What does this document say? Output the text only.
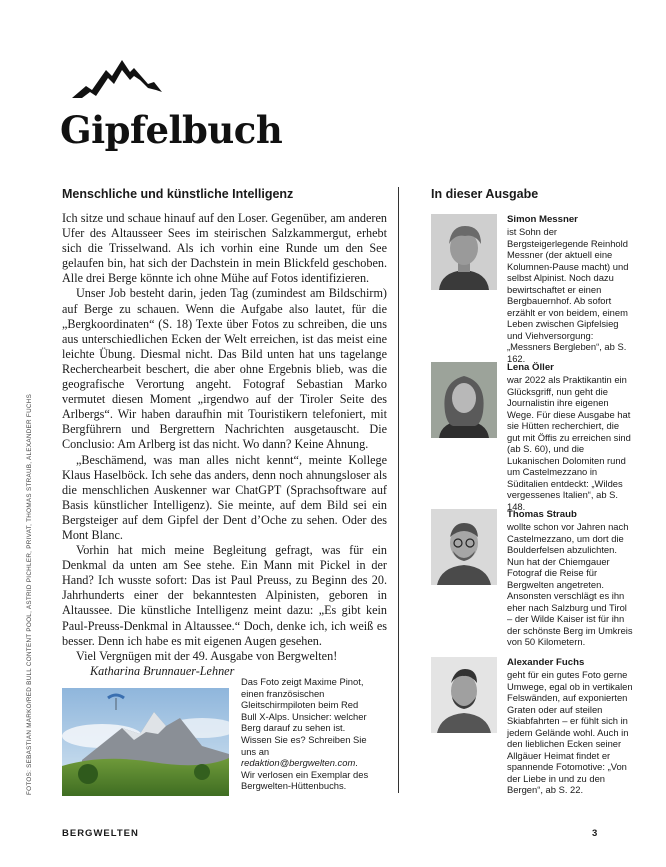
Gipfelbuch
Menschliche und künstliche Intelligenz

Ich sitze und schaue hinauf auf den Loser. Gegenüber, am anderen Ufer des Altausseer Sees im steirischen Salzkammergut, erhebt sich die Trisselwand. Als ich vorhin eine Runde um den See gelaufen bin, hat sich der Dachstein in mein Blickfeld geschoben. Alle drei Berge könnte ich ohne Mühe auf Fotos identifizieren.

Unser Job besteht darin, jeden Tag (zumindest am Bildschirm) auf Berge zu schauen. Wenn die Aufgabe also lautet, für die „Bergkoordinaten“ (S. 18) Texte über Fotos zu schreiben, die uns aus unterschiedlichen Ecken der Welt erreichen, ist das meist eine leichte Übung. Diesmal nicht. Das Bild unten hat uns tagelange Recherchearbeit beschert, die aber ohne Ergebnis blieb, was die geografische Verortung angeht. Fotograf Sebastian Marko vermutet diesen Moment „irgendwo auf der Tiroler Seite des Arlbergs“. Wir haben daraufhin mit Touristikern telefoniert, mit Bergführern und Bergrettern Nachrichten ausgetauscht. Die Conclusio: Am Arlberg ist das nicht. Wo dann? Keine Ahnung.

„Beschämend, was man alles nicht kennt“, meinte Kollege Klaus Haselböck. Ich sehe das anders, denn noch ahnungsloser als die menschlichen Auskenner war ChatGPT (Sprachsoftware auf Basis künstlicher Intelligenz). Sie meinte, auf dem Bild sei ein Bergsteiger auf dem Gipfel der Dent d’Oche zu sehen. Oder des Mont Blanc.

Vorhin hat mich meine Begleitung gefragt, was für ein Denkmal da unten am See stehe. Ein Mann mit Pickel in der Hand? Ich wusste sofort: Das ist Paul Preuss, zu Beginn des 20. Jahrhunderts einer der bekanntesten Alpinisten, geboren in Altaussee. Die künstliche Intelligenz meint dazu: „Es gibt kein Paul-Preuss-Denkmal in Altaussee.“ Doch, denke ich, ich weiß es besser. Denn ich habe es mit eigenen Augen gesehen.

Viel Vergnügen mit der 49. Ausgabe von Bergwelten!

Katharina Brunnauer-Lehner

Das Foto zeigt Maxime Pinot, einen französischen Gleitschirmpiloten beim Red Bull X-Alps. Unsicher: welcher Berg darauf zu sehen ist. Wissen Sie es? Schreiben Sie uns an redaktion@bergwelten.com. Wir verlosen ein Exemplar des Bergwelten-Hüttenbuchs.

In dieser Ausgabe

Simon Messner

ist Sohn der Bergsteigerlegende Reinhold Messner (der aktuell eine Kolumnen-Pause macht) und selbst Alpinist. Noch dazu bewirtschaftet er einen Bergbauernhof. Ab sofort erzählt er von beidem, einem Leben zwischen Gipfelsieg und Viehversorgung: „Messners Bergleben“, ab S. 162.

Lena Öller

war 2022 als Praktikantin ein Glücksgriff, nun geht die Journalistin ihre eigenen Wege. Für diese Ausgabe hat sie Hütten recherchiert, die gut mit Öffis zu erreichen sind (ab S. 60), und die Lukanischen Dolomiten rund um Castelmezzano in Süditalien entdeckt: „Wildes vergessenes Italien“, ab S. 148.

Thomas Straub

wollte schon vor Jahren nach Castelmezzano, um dort die Boulderfelsen abzulichten. Nun hat der Chiemgauer Fotograf die Reise für Bergwelten angetreten. Ansonsten verschlägt es ihn eher nach Salzburg und Tirol – der Wilde Kaiser ist für ihn der schönste Berg im Umkreis von 50 Kilometern.

Alexander Fuchs

geht für ein gutes Foto gerne Umwege, egal ob in vertikalen Felswänden, auf exponierten Graten oder auf steilen Skiabfahrten – er fühlt sich in jedem Gelände wohl. Auch in den lieblichen Ecken seiner Allgäuer Heimat findet er spannende Fotomotive: „Von der Liebe in und zu den Bergen“, ab S. 22.

FOTOS: SEBASTIAN MARKO/RED BULL CONTENT POOL, ASTRID PICHLER, PRIVAT, THOMAS STRAUB, ALEXANDER FUCHS

BERGWELTEN	3
